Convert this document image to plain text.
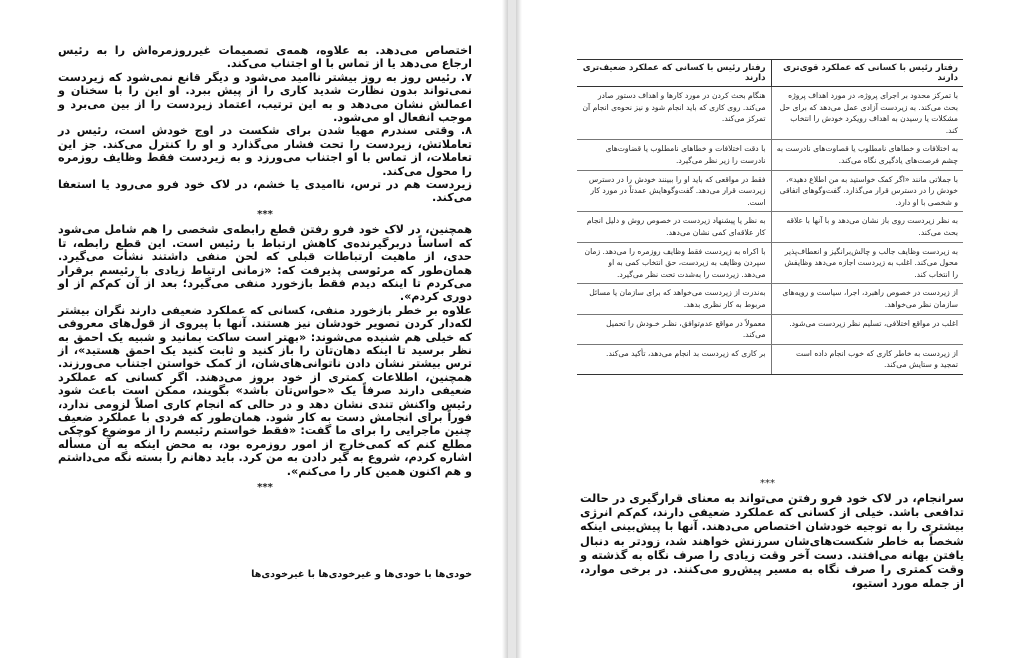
اختصاص می‌دهد. به علاوه، همه‌ی تصمیمات غیرروزمره‌اش را به رئیس ارجاع می‌دهد یا از تماس با او اجتناب می‌کند.

۷. رئیس روز به روز بیشتر ناامید می‌شود و دیگر قانع نمی‌شود که زیردست نمی‌تواند بدون نظارت شدید کاری را از پیش ببرد. او این را با سخنان و اعمالش نشان می‌دهد و به این ترتیب، اعتماد زیردست را از بین می‌برد و موجب انفعال او می‌شود.

۸. وقتی سندرم مهیا شدن برای شکست در اوج خودش است، رئیس در تعاملاتش، زیردست را تحت فشار می‌گذارد و او را کنترل می‌کند. جز این تعاملات، از تماس با او اجتناب می‌ورزد و به زیردست فقط وظایف روزمره را محول می‌کند.

زیردست هم در ترس، ناامیدی یا خشم، در لاک خود فرو می‌رود یا استعفا می‌کند.

***

همچنین، در لاک خود فرو رفتن قطع رابطه‌ی شخصی را هم شامل می‌شود که اساساً دربرگیرنده‌ی کاهش ارتباط با رئیس است. این قطع رابطه، تا حدی، از ماهیت ارتباطات قبلی که لحن منفی داشتند نشأت می‌گیرد. همان‌طور که مرئوسی پذیرفت که: «زمانی ارتباط زیادی با رئیسم برقرار می‌کردم تا اینکه دیدم فقط بازخورد منفی می‌گیرد؛ بعد از آن کم‌کم از او دوری کردم».

علاوه بر خطر بازخورد منفی، کسانی که عملکرد ضعیفی دارند نگران بیشتر لکه‌دار کردن تصویر خودشان نیز هستند. آنها با پیروی از قول‌های معروفی که خیلی هم شنیده می‌شوند: «بهتر است ساکت بمانید و شبیه یک احمق به نظر برسید تا اینکه دهان‌تان را باز کنید و ثابت کنید یک احمق هستید»، از ترس بیشتر نشان دادن ناتوانی‌های‌شان، از کمک خواستن اجتناب می‌ورزند. همچنین، اطلاعات کمتری از خود بروز می‌دهند. اگر کسانی که عملکرد ضعیفی دارند صرفاً یک «حواس‌تان باشد» بگویند، ممکن است باعث شود رئیس واکنش تندی نشان دهد و در حالی که انجام کاری اصلاً لزومی ندارد، فوراً برای انجامش دست به کار شود. همان‌طور که فردی با عملکرد ضعیف چنین ماجرایی را برای ما گفت: «فقط خواستم رئیسم را از موضوع کوچکی مطلع کنم که کمی‌خارج از امور روزمره بود، به محض اینکه به آن مسأله اشاره کردم، شروع به گیر دادن به من کرد. باید دهانم را بسته نگه می‌داشتم و هم اکنون همین کار را می‌کنم».

***
خودی‌ها با خودی‌ها و غیرخودی‌ها با غیرخودی‌ها
رفتار رئیس با کسانی که عملکرد قوی‌تری دارند	رفتار رئیس با کسانی که عملکرد ضعیف‌تری دارند
با تمرکز محدود بر اجرای پروژه، در مورد اهداف پروژه بحث می‌کند. به زیردست آزادی عمل می‌دهد که برای حل مشکلات یا رسیدن به اهداف رویکرد خودش را انتخاب کند.	هنگام بحث کردن در مورد کارها و اهداف دستور صادر می‌کند. روی کاری که باید انجام شود و نیز نحوه‌ی انجام آن تمرکز می‌کند.
به اختلافات و خطاهای نامطلوب یا قصاوت‌های نادرست به چشم فرصت‌های یادگیری نگاه می‌کند.	با دقت اختلافات و خطاهای نامطلوب یا قضاوت‌های نادرست را زیر نظر می‌گیرد.
با جملاتی مانند «اگر کمک خواستید به من اطلاع دهید»، خودش را در دسترس قرار می‌گذارد. گفت‌وگوهای اتفاقی و شخصی با او دارد.	فقط در مواقعی که باید او را ببینند خودش را در دسترس زیردست قرار می‌دهد. گفت‌وگوهایش عمدتاً در مورد کار است.
به نظر زیردست روی باز نشان می‌دهد و با آنها با علاقه بحث می‌کند.	به نظر یا پیشنهاد زیردست در خصوص روش و دلیل انجام کار علاقه‌ای کمی نشان می‌دهد.
به زیردست وظایف جالب و چالش‌برانگیز و انعطاف‌پذیر محول می‌کند. اغلب به زیردست اجازه می‌دهد وظایفش را انتخاب کند.	با اکراه به زیردست فقط وظایف روزمره را می‌دهد. زمان سپردن وظایف به زیردست، حق انتخاب کمی به او می‌دهد. زیردست را به‌شدت تحت نظر می‌گیرد.
از زیردست در خصوص راهبرد، اجرا، سیاست و رویه‌های سازمان نظر می‌خواهد.	به‌ندرت از زیردست می‌خواهد که برای سازمان یا مسائل مربوط به کار نظری بدهد.
اغلب در مواقع اختلافی، تسلیم نظر زیردست می‌شود.	معمولاً در مواقع عدم‌توافق، نظـر خـودش را تحمیل می‌کند.
از زیردست به خاطر کاری که خوب انجام داده است تمجید و ستایش می‌کند.	بر کاری که زیردست بد انجام می‌دهد، تأکید می‌کند.
***

سرانجام، در لاک خود فرو رفتن می‌تواند به معنای قرارگیری در حالت تدافعی باشد. خیلی از کسانی که عملکرد ضعیفی دارند، کم‌کم انرژی بیشتری را به توجیه خودشان اختصاص می‌دهند. آنها با پیش‌بینی اینکه شخصاً به خاطر شکست‌های‌شان سرزنش خواهند شد، زودتر به دنبال یافتن بهانه می‌افتند. دست آخر وقت زیادی را صرف نگاه به گذشته و وقت کمتری را صرف نگاه به مسیر پیش‌رو می‌کنند. در برخی موارد، از جمله مورد استیو،
